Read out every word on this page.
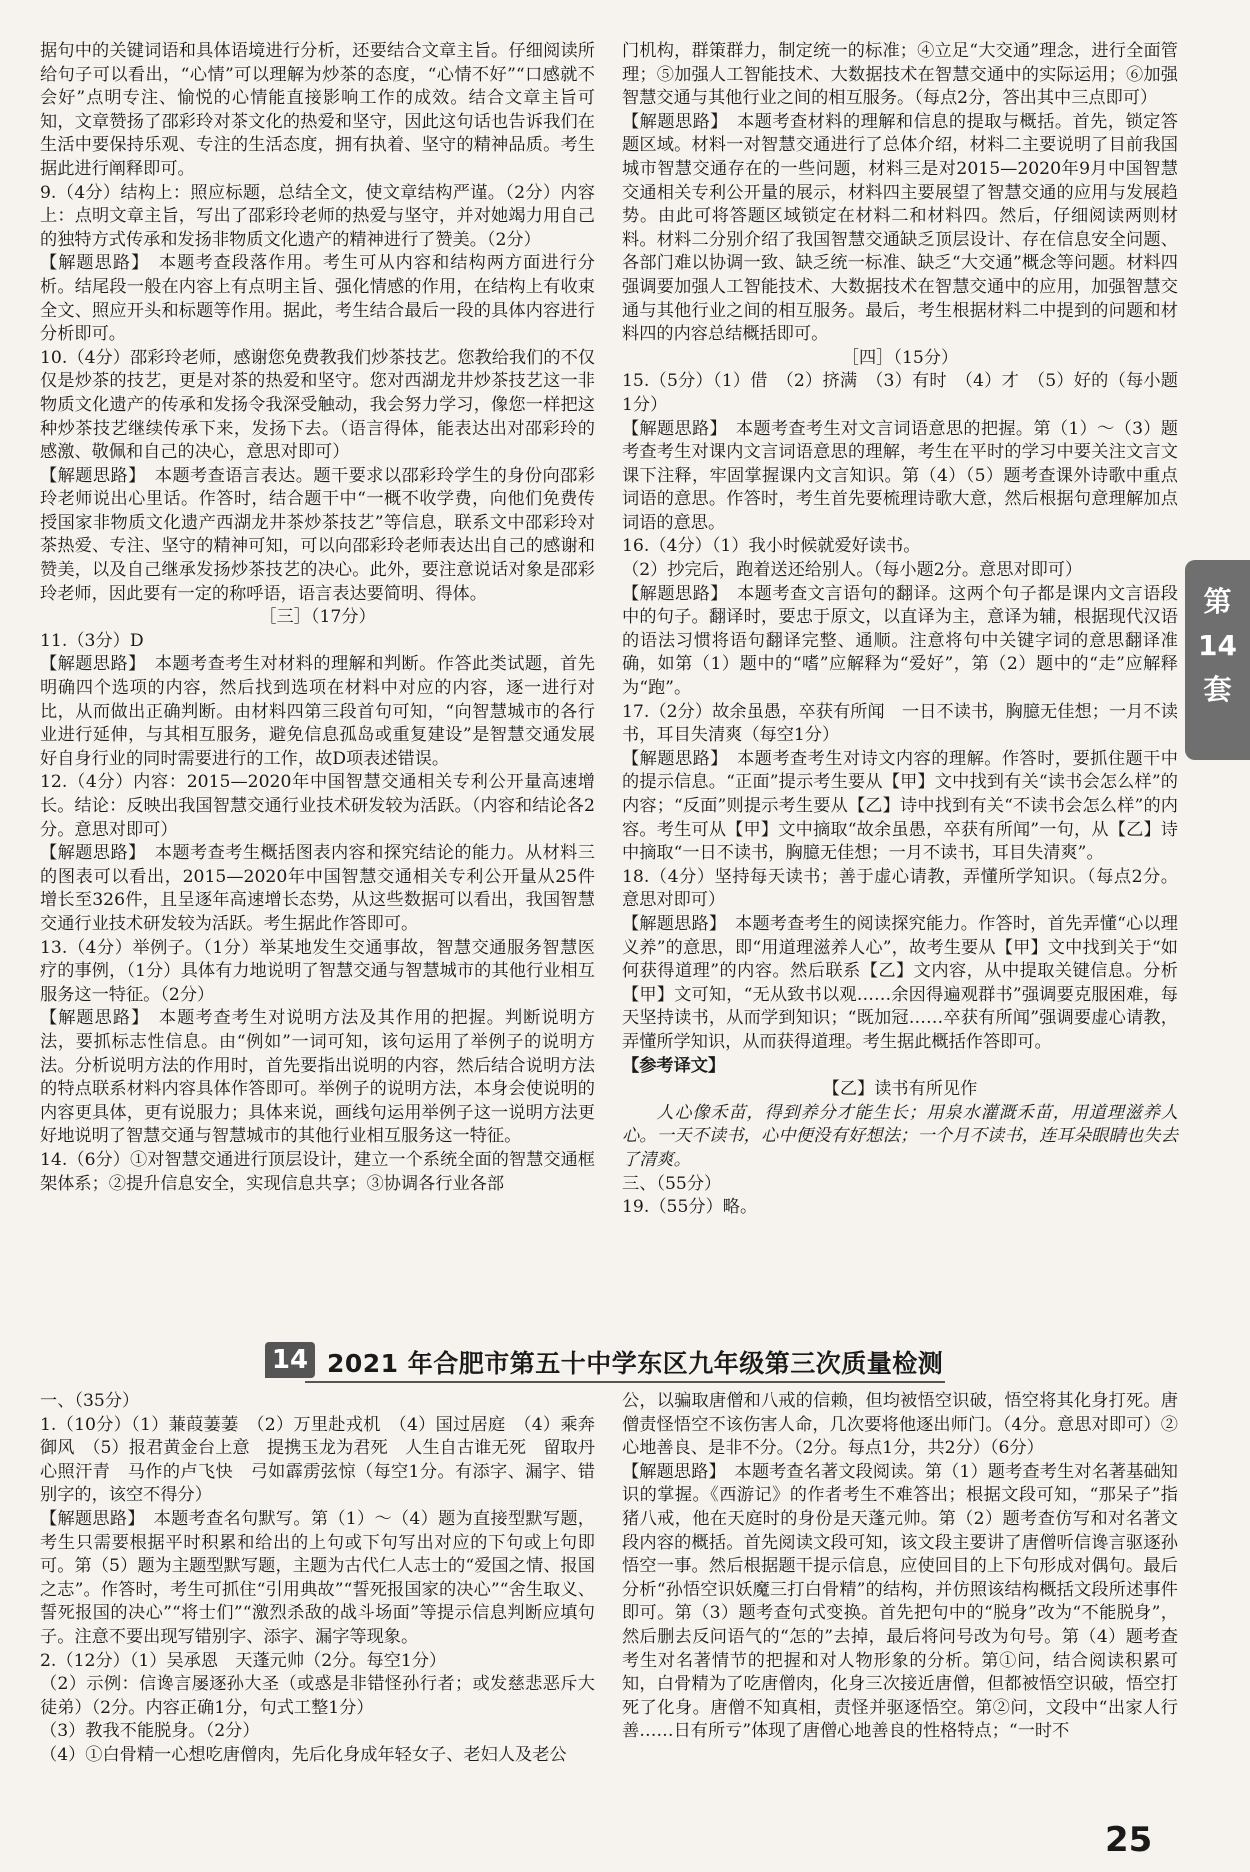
据句中的关键词语和具体语境进行分析，还要结合文章主旨。仔细阅读所给句子可以看出，“心情”可以理解为炒茶的态度，“心情不好”“口感就不会好”点明专注、愉悦的心情能直接影响工作的成效。结合文章主旨可知，文章赞扬了邵彩玲对茶文化的热爱和坚守，因此这句话也告诉我们在生活中要保持乐观、专注的生活态度，拥有执着、坚守的精神品质。考生据此进行阐释即可。

9.（4分）结构上：照应标题，总结全文，使文章结构严谨。（2分）内容上：点明文章主旨，写出了邵彩玲老师的热爱与坚守，并对她竭力用自己的独特方式传承和发扬非物质文化遗产的精神进行了赞美。（2分）

【解题思路】　本题考查段落作用。考生可从内容和结构两方面进行分析。结尾段一般在内容上有点明主旨、强化情感的作用，在结构上有收束全文、照应开头和标题等作用。据此，考生结合最后一段的具体内容进行分析即可。

10.（4分）邵彩玲老师，感谢您免费教我们炒茶技艺。您教给我们的不仅仅是炒茶的技艺，更是对茶的热爱和坚守。您对西湖龙井炒茶技艺这一非物质文化遗产的传承和发扬令我深受触动，我会努力学习，像您一样把这种炒茶技艺继续传承下来，发扬下去。（语言得体，能表达出对邵彩玲的感激、敬佩和自己的决心，意思对即可）

【解题思路】　本题考查语言表达。题干要求以邵彩玲学生的身份向邵彩玲老师说出心里话。作答时，结合题干中“一概不收学费，向他们免费传授国家非物质文化遗产西湖龙井茶炒茶技艺”等信息，联系文中邵彩玲对茶热爱、专注、坚守的精神可知，可以向邵彩玲老师表达出自己的感谢和赞美，以及自己继承发扬炒茶技艺的决心。此外，要注意说话对象是邵彩玲老师，因此要有一定的称呼语，语言表达要简明、得体。

［三］（17分）

11.（3分）D

【解题思路】　本题考查考生对材料的理解和判断。作答此类试题，首先明确四个选项的内容，然后找到选项在材料中对应的内容，逐一进行对比，从而做出正确判断。由材料四第三段首句可知，“向智慧城市的各行业进行延伸，与其相互服务，避免信息孤岛或重复建设”是智慧交通发展好自身行业的同时需要进行的工作，故D项表述错误。

12.（4分）内容：2015—2020年中国智慧交通相关专利公开量高速增长。结论：反映出我国智慧交通行业技术研发较为活跃。（内容和结论各2分。意思对即可）

【解题思路】　本题考查考生概括图表内容和探究结论的能力。从材料三的图表可以看出，2015—2020年中国智慧交通相关专利公开量从25件增长至326件，且呈逐年高速增长态势，从这些数据可以看出，我国智慧交通行业技术研发较为活跃。考生据此作答即可。

13.（4分）举例子。（1分）举某地发生交通事故，智慧交通服务智慧医疗的事例，（1分）具体有力地说明了智慧交通与智慧城市的其他行业相互服务这一特征。（2分）

【解题思路】　本题考查考生对说明方法及其作用的把握。判断说明方法，要抓标志性信息。由“例如”一词可知，该句运用了举例子的说明方法。分析说明方法的作用时，首先要指出说明的内容，然后结合说明方法的特点联系材料内容具体作答即可。举例子的说明方法，本身会使说明的内容更具体，更有说服力；具体来说，画线句运用举例子这一说明方法更好地说明了智慧交通与智慧城市的其他行业相互服务这一特征。

14.（6分）①对智慧交通进行顶层设计，建立一个系统全面的智慧交通框架体系；②提升信息安全，实现信息共享；③协调各行业各部

门机构，群策群力，制定统一的标准；④立足“大交通”理念，进行全面管理；⑤加强人工智能技术、大数据技术在智慧交通中的实际运用；⑥加强智慧交通与其他行业之间的相互服务。（每点2分，答出其中三点即可）

【解题思路】　本题考查材料的理解和信息的提取与概括。首先，锁定答题区域。材料一对智慧交通进行了总体介绍，材料二主要说明了目前我国城市智慧交通存在的一些问题，材料三是对2015—2020年9月中国智慧交通相关专利公开量的展示，材料四主要展望了智慧交通的应用与发展趋势。由此可将答题区域锁定在材料二和材料四。然后，仔细阅读两则材料。材料二分别介绍了我国智慧交通缺乏顶层设计、存在信息安全问题、各部门难以协调一致、缺乏统一标准、缺乏“大交通”概念等问题。材料四强调要加强人工智能技术、大数据技术在智慧交通中的应用，加强智慧交通与其他行业之间的相互服务。最后，考生根据材料二中提到的问题和材料四的内容总结概括即可。

［四］（15分）

15.（5分）（1）借　（2）挤满　（3）有时　（4）才　（5）好的（每小题1分）

【解题思路】　本题考查考生对文言词语意思的把握。第（1）～（3）题考查考生对课内文言词语意思的理解，考生在平时的学习中要关注文言文课下注释，牢固掌握课内文言知识。第（4）（5）题考查课外诗歌中重点词语的意思。作答时，考生首先要梳理诗歌大意，然后根据句意理解加点词语的意思。

16.（4分）（1）我小时候就爱好读书。

（2）抄完后，跑着送还给别人。（每小题2分。意思对即可）

【解题思路】　本题考查文言语句的翻译。这两个句子都是课内文言语段中的句子。翻译时，要忠于原文，以直译为主，意译为辅，根据现代汉语的语法习惯将语句翻译完整、通顺。注意将句中关键字词的意思翻译准确，如第（1）题中的“嗜”应解释为“爱好”，第（2）题中的“走”应解释为“跑”。

17.（2分）故余虽愚，卒获有所闻　一日不读书，胸臆无佳想；一月不读书，耳目失清爽（每空1分）

【解题思路】　本题考查考生对诗文内容的理解。作答时，要抓住题干中的提示信息。“正面”提示考生要从【甲】文中找到有关“读书会怎么样”的内容；“反面”则提示考生要从【乙】诗中找到有关“不读书会怎么样”的内容。考生可从【甲】文中摘取“故余虽愚，卒获有所闻”一句，从【乙】诗中摘取“一日不读书，胸臆无佳想；一月不读书，耳目失清爽”。

18.（4分）坚持每天读书；善于虚心请教，弄懂所学知识。（每点2分。意思对即可）

【解题思路】　本题考查考生的阅读探究能力。作答时，首先弄懂“心以理义养”的意思，即“用道理滋养人心”，故考生要从【甲】文中找到关于“如何获得道理”的内容。然后联系【乙】文内容，从中提取关键信息。分析【甲】文可知，“无从致书以观……余因得遍观群书”强调要克服困难，每天坚持读书，从而学到知识；“既加冠……卒获有所闻”强调要虚心请教，弄懂所学知识，从而获得道理。考生据此概括作答即可。

【参考译文】

【乙】读书有所见作

人心像禾苗，得到养分才能生长；用泉水灌溉禾苗，用道理滋养人心。一天不读书，心中便没有好想法；一个月不读书，连耳朵眼睛也失去了清爽。

三、（55分）

19.（55分）略。

14 2021 年合肥市第五十中学东区九年级第三次质量检测

一、（35分）

1.（10分）（1）蒹葭萋萋　（2）万里赴戎机　（4）国过居庭　（4）乘奔御风　（5）报君黄金台上意　提携玉龙为君死　人生自古谁无死　留取丹心照汗青　马作的卢飞快　弓如霹雳弦惊（每空1分。有添字、漏字、错别字的，该空不得分）

【解题思路】　本题考查名句默写。第（1）～（4）题为直接型默写题，考生只需要根据平时积累和给出的上句或下句写出对应的下句或上句即可。第（5）题为主题型默写题，主题为古代仁人志士的“爱国之情、报国之志”。作答时，考生可抓住“引用典故”“誓死报国家的决心”“舍生取义、誓死报国的决心”“将士们”“激烈杀敌的战斗场面”等提示信息判断应填句子。注意不要出现写错别字、添字、漏字等现象。

2.（12分）（1）吴承恩　天蓬元帅（2分。每空1分）

（2）示例：信谗言屡逐孙大圣（或惑是非错怪孙行者；或发慈悲恶斥大徒弟）（2分。内容正确1分，句式工整1分）

（3）教我不能脱身。（2分）

（4）①白骨精一心想吃唐僧肉，先后化身成年轻女子、老妇人及老公

公，以骗取唐僧和八戒的信赖，但均被悟空识破，悟空将其化身打死。唐僧责怪悟空不该伤害人命，几次要将他逐出师门。（4分。意思对即可）②心地善良、是非不分。（2分。每点1分，共2分）（6分）

【解题思路】　本题考查名著文段阅读。第（1）题考查考生对名著基础知识的掌握。《西游记》的作者考生不难答出；根据文段可知，“那呆子”指猪八戒，他在天庭时的身份是天蓬元帅。第（2）题考查仿写和对名著文段内容的概括。首先阅读文段可知，该文段主要讲了唐僧听信谗言驱逐孙悟空一事。然后根据题干提示信息，应使回目的上下句形成对偶句。最后分析“孙悟空识妖魔三打白骨精”的结构，并仿照该结构概括文段所述事件即可。第（3）题考查句式变换。首先把句中的“脱身”改为“不能脱身”，然后删去反问语气的“怎的”去掉，最后将问号改为句号。第（4）题考查考生对名著情节的把握和对人物形象的分析。第①问，结合阅读积累可知，白骨精为了吃唐僧肉，化身三次接近唐僧，但都被悟空识破，悟空打死了化身。唐僧不知真相，责怪并驱逐悟空。第②问，文段中“出家人行善……日有所亏”体现了唐僧心地善良的性格特点；“一时不

第
14
套
25
